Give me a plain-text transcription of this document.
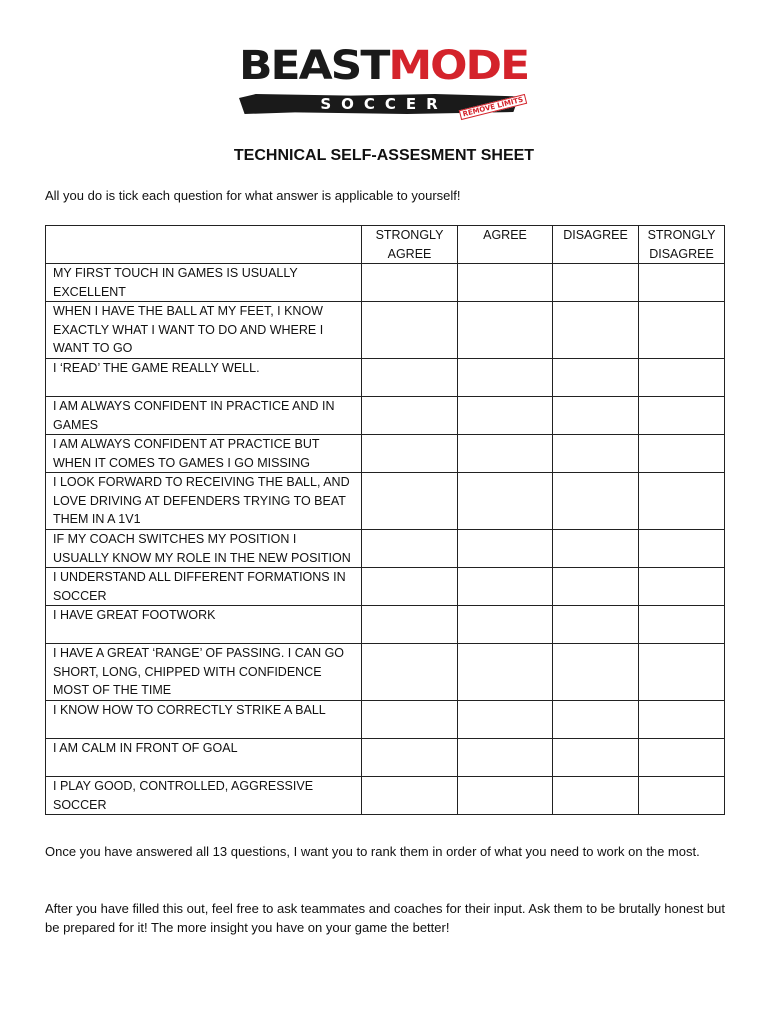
BEASTMODE
SOCCER	REMOVE LIMITS
TECHNICAL SELF-ASSESMENT SHEET

All you do is tick each question for what answer is applicable to yourself!

	STRONGLY AGREE	AGREE	DISAGREE	STRONGLY DISAGREE
MY FIRST TOUCH IN GAMES IS USUALLY EXCELLENT				
WHEN I HAVE THE BALL AT MY FEET, I KNOW EXACTLY WHAT I WANT TO DO AND WHERE I WANT TO GO				
I ‘READ’ THE GAME REALLY WELL.				
I AM ALWAYS CONFIDENT IN PRACTICE AND IN GAMES				
I AM ALWAYS CONFIDENT AT PRACTICE BUT WHEN IT COMES TO GAMES I GO MISSING				
I LOOK FORWARD TO RECEIVING THE BALL, AND LOVE DRIVING AT DEFENDERS TRYING TO BEAT THEM IN A 1V1				
IF MY COACH SWITCHES MY POSITION I USUALLY KNOW MY ROLE IN THE NEW POSITION				
I UNDERSTAND ALL DIFFERENT FORMATIONS IN SOCCER				
I HAVE GREAT FOOTWORK				
I HAVE A GREAT ‘RANGE’ OF PASSING. I CAN GO SHORT, LONG, CHIPPED WITH CONFIDENCE MOST OF THE TIME				
I KNOW HOW TO CORRECTLY STRIKE A BALL				
I AM CALM IN FRONT OF GOAL				
I PLAY GOOD, CONTROLLED, AGGRESSIVE SOCCER				

Once you have answered all 13 questions, I want you to rank them in order of what you need to work on the most.

After you have filled this out, feel free to ask teammates and coaches for their input. Ask them to be brutally honest but be prepared for it! The more insight you have on your game the better!
